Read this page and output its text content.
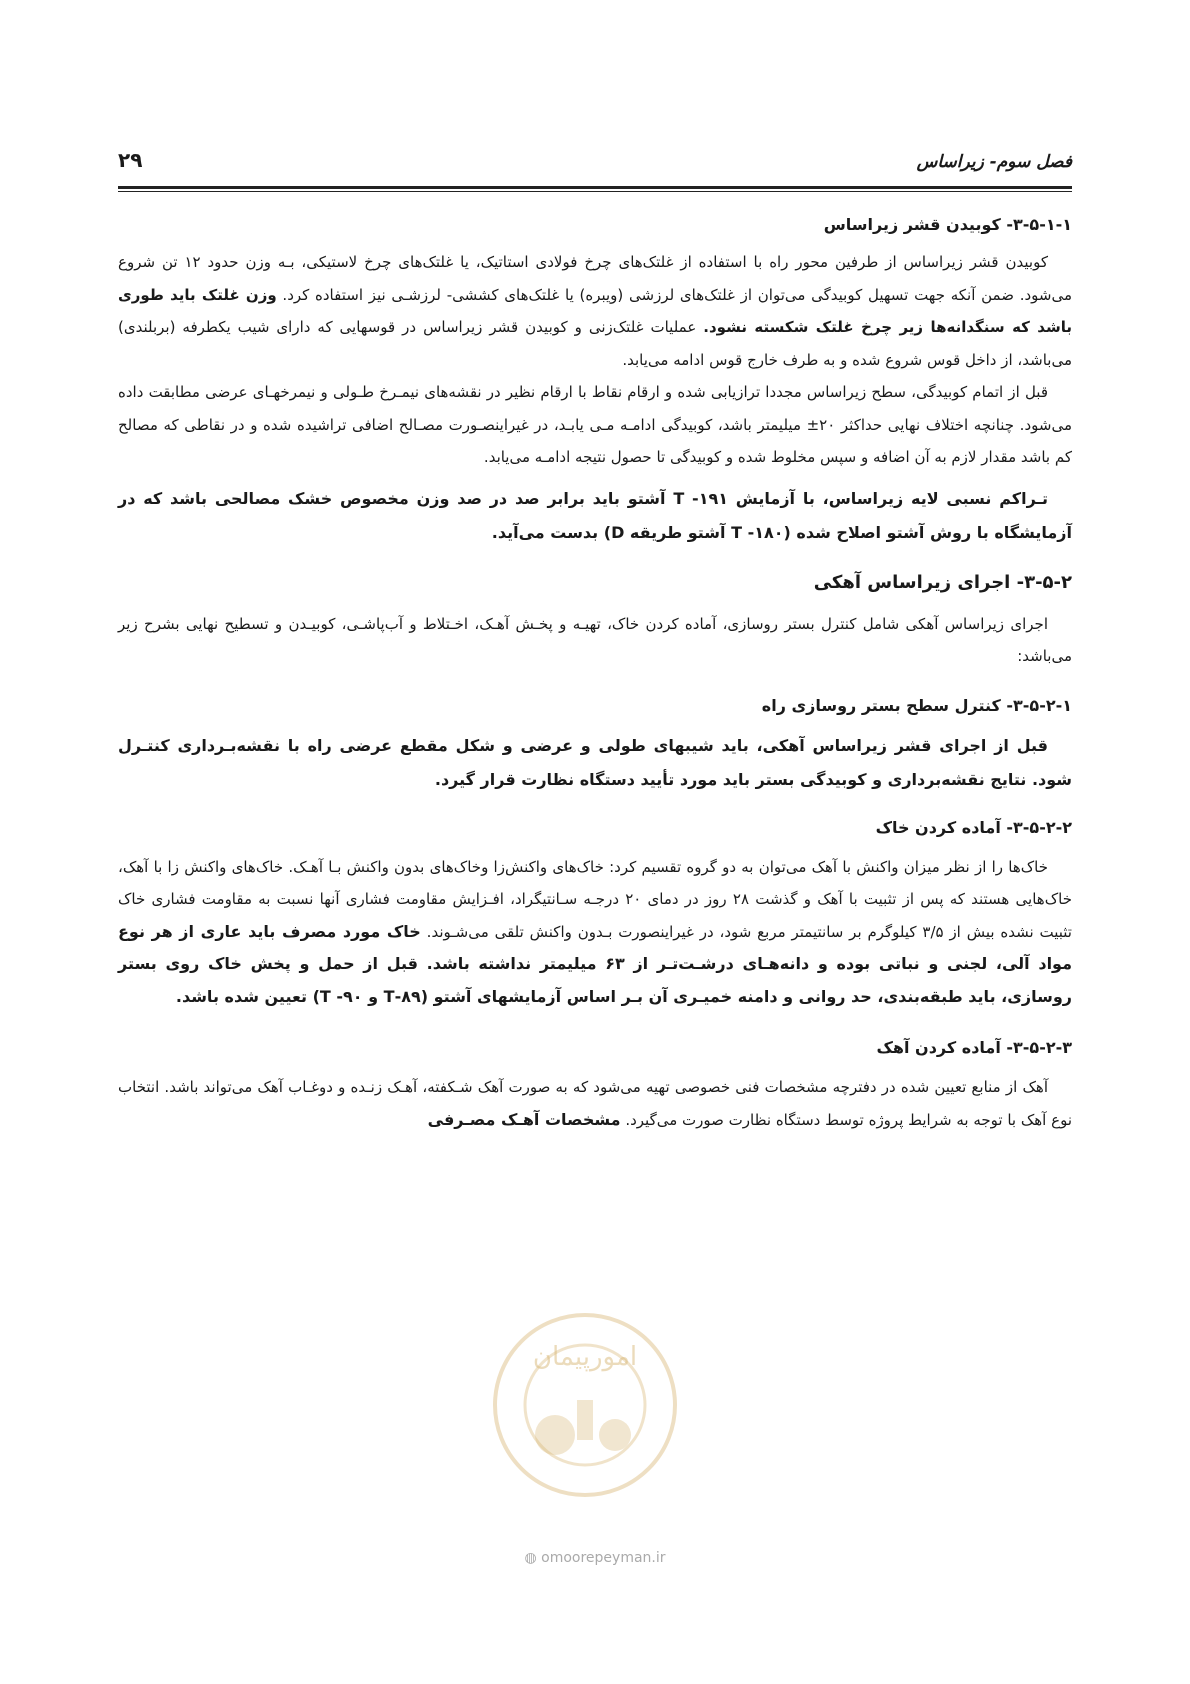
فصل سوم- زیراساس
۲۹
۳-۵-۱-۱- کوبیدن قشر زیراساس

کوبیدن قشر زیراساس از طرفین محور راه با استفاده از غلتک‌های چرخ فولادی استاتیک، یا غلتک‌های چرخ لاستیکی، بـه وزن حدود ۱۲ تن شروع می‌شود. ضمن آنکه جهت تسهیل کوبیدگی می‌توان از غلتک‌های لرزشی (ویبره) یا غلتک‌های کششی- لرزشـی نیز استفاده کرد. وزن غلتک باید طوری باشد که سنگدانه‌ها زیر چرخ غلتک شکسته نشود. عملیات غلتک‌زنی و کوبیدن قشر زیراساس در قوسهایی که دارای شیب یکطرفه (بربلندی) می‌باشد، از داخل قوس شروع شده و به طرف خارج قوس ادامه می‌یابد.

قبل از اتمام کوبیدگی، سطح زیراساس مجددا ترازیابی شده و ارقام نقاط با ارقام نظیر در نقشه‌های نیمـرخ طـولی و نیمرخهـای عرضی مطابقت داده می‌شود. چنانچه اختلاف نهایی حداکثر ۲۰± میلیمتر باشد، کوبیدگی ادامـه مـی یابـد، در غیراینصـورت مصـالح اضافی تراشیده شده و در نقاطی که مصالح کم باشد مقدار لازم به آن اضافه و سپس مخلوط شده و کوبیدگی تا حصول نتیجه ادامـه می‌یابد.

تـراکم نسبی لایه زیراساس، با آزمایش ۱۹۱- T آشتو باید برابر صد در صد وزن مخصوص خشک مصالحی باشد که در آزمایشگاه با روش آشتو اصلاح شده (۱۸۰- T آشتو طریقه D) بدست می‌آید.

۳-۵-۲- اجرای زیراساس آهکی

اجرای زیراساس آهکی شامل کنترل بستر روسازی، آماده کردن خاک، تهیـه و پخـش آهـک، اخـتلاط و آب‌پاشـی، کوبیـدن و تسطیح نهایی بشرح زیر می‌باشد:

۳-۵-۲-۱- کنترل سطح بستر روسازی راه

قبل از اجرای قشر زیراساس آهکی، باید شیبهای طولی و عرضی و شکل مقطع عرضی راه با نقشه‌بـرداری کنتـرل شود. نتایج نقشه‌برداری و کوبیدگی بستر باید مورد تأیید دستگاه نظارت قرار گیرد.

۳-۵-۲-۲- آماده کردن خاک

خاک‌ها را از نظر میزان واکنش با آهک می‌توان به دو گروه تقسیم کرد: خاک‌های واکنش‌زا وخاک‌های بدون واکنش بـا آهـک. خاک‌های واکنش زا با آهک، خاک‌هایی هستند که پس از تثبیت با آهک و گذشت ۲۸ روز در دمای ۲۰ درجـه سـانتیگراد، افـزایش مقاومت فشاری آنها نسبت به مقاومت فشاری خاک تثبیت نشده بیش از ۳/۵ کیلوگرم بر سانتیمتر مربع شود، در غیراینصورت بـدون واکنش تلقی می‌شـوند. خاک مورد مصرف باید عاری از هر نوع مواد آلی، لجنی و نباتی بوده و دانه‌هـای درشـت‌تـر از ۶۳ میلیمتر نداشته باشد. قبل از حمل و پخش خاک روی بستر روسازی، باید طبقه‌بندی، حد روانی و دامنه خمیـری آن بـر اساس آزمایشهای آشتو (۸۹-T و ۹۰- T) تعیین شده باشد.

۳-۵-۲-۳- آماده کردن آهک

آهک از منابع تعیین شده در دفترچه مشخصات فنی خصوصی تهیه می‌شود که به صورت آهک شـکفته، آهـک زنـده و دوغـاب آهک می‌تواند باشد. انتخاب نوع آهک با توجه به شرایط پروژه توسط دستگاه نظارت صورت می‌گیرد. مشخصات آهـک مصـرفی

امورپیمان
◍ omoorepeyman.ir
